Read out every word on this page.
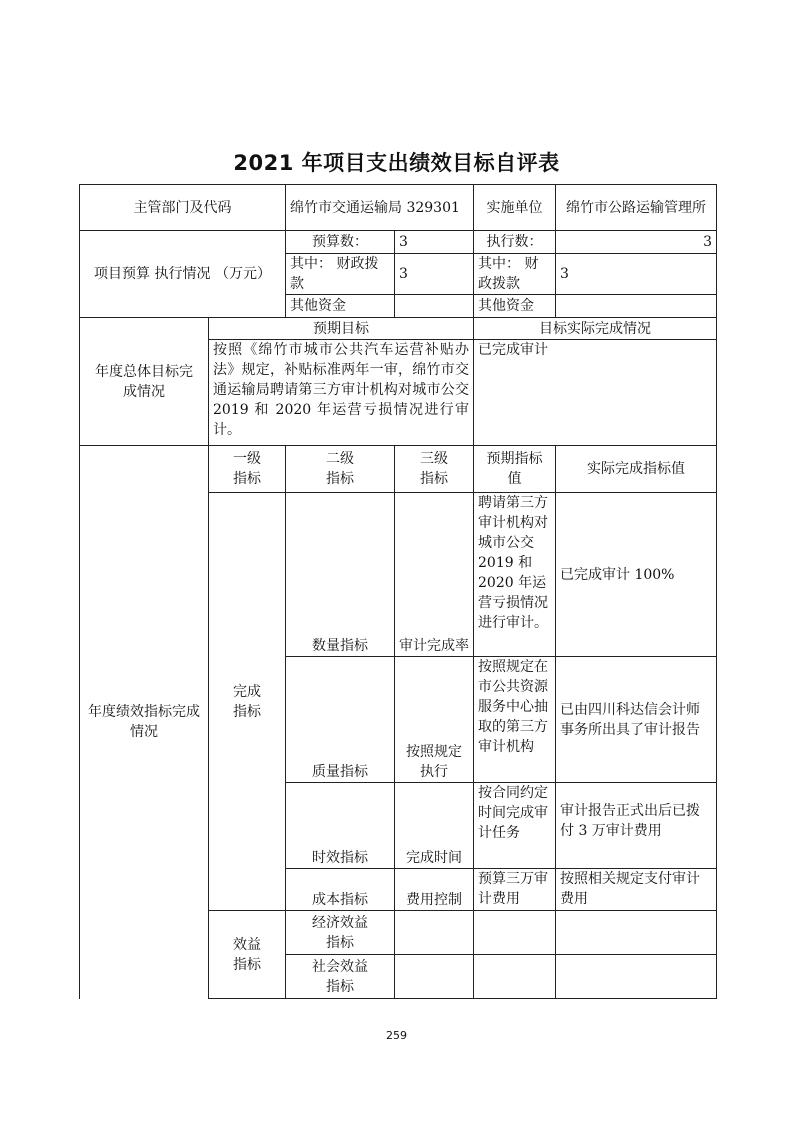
2021 年项目支出绩效目标自评表
主管部门及代码		绵竹市交通运输局 329301		实施单位	绵竹市公路运输管理所
项目预算 执行情况 （万元）		预算数：	3	执行数：	3
		其中： 财政拨款	3	其中： 财政拨款	3
		其他资金		其他资金	
年度总体目标完成情况	预期目标			目标实际完成情况	
	按照《绵竹市城市公共汽车运营补贴办法》规定，补贴标准两年一审，绵竹市交通运输局聘请第三方审计机构对城市公交 2019 和 2020 年运营亏损情况进行审计。			已完成审计	
年度绩效指标完成情况	一级 指标	二级 指标	三级 指标	预期指标值	实际完成指标值
	完成 指标	数量指标	审计完成率	聘请第三方审计机构对城市公交 2019 和 2020 年运营亏损情况进行审计。	已完成审计 100%
		质量指标	按照规定执行	按照规定在市公共资源服务中心抽取的第三方审计机构	已由四川科达信会计师事务所出具了审计报告
		时效指标	完成时间	按合同约定时间完成审计任务	审计报告正式出后已拨付 3 万审计费用
		成本指标	费用控制	预算三万审计费用	按照相关规定支付审计费用
	效益 指标	经济效益指标			
		社会效益指标			
259
